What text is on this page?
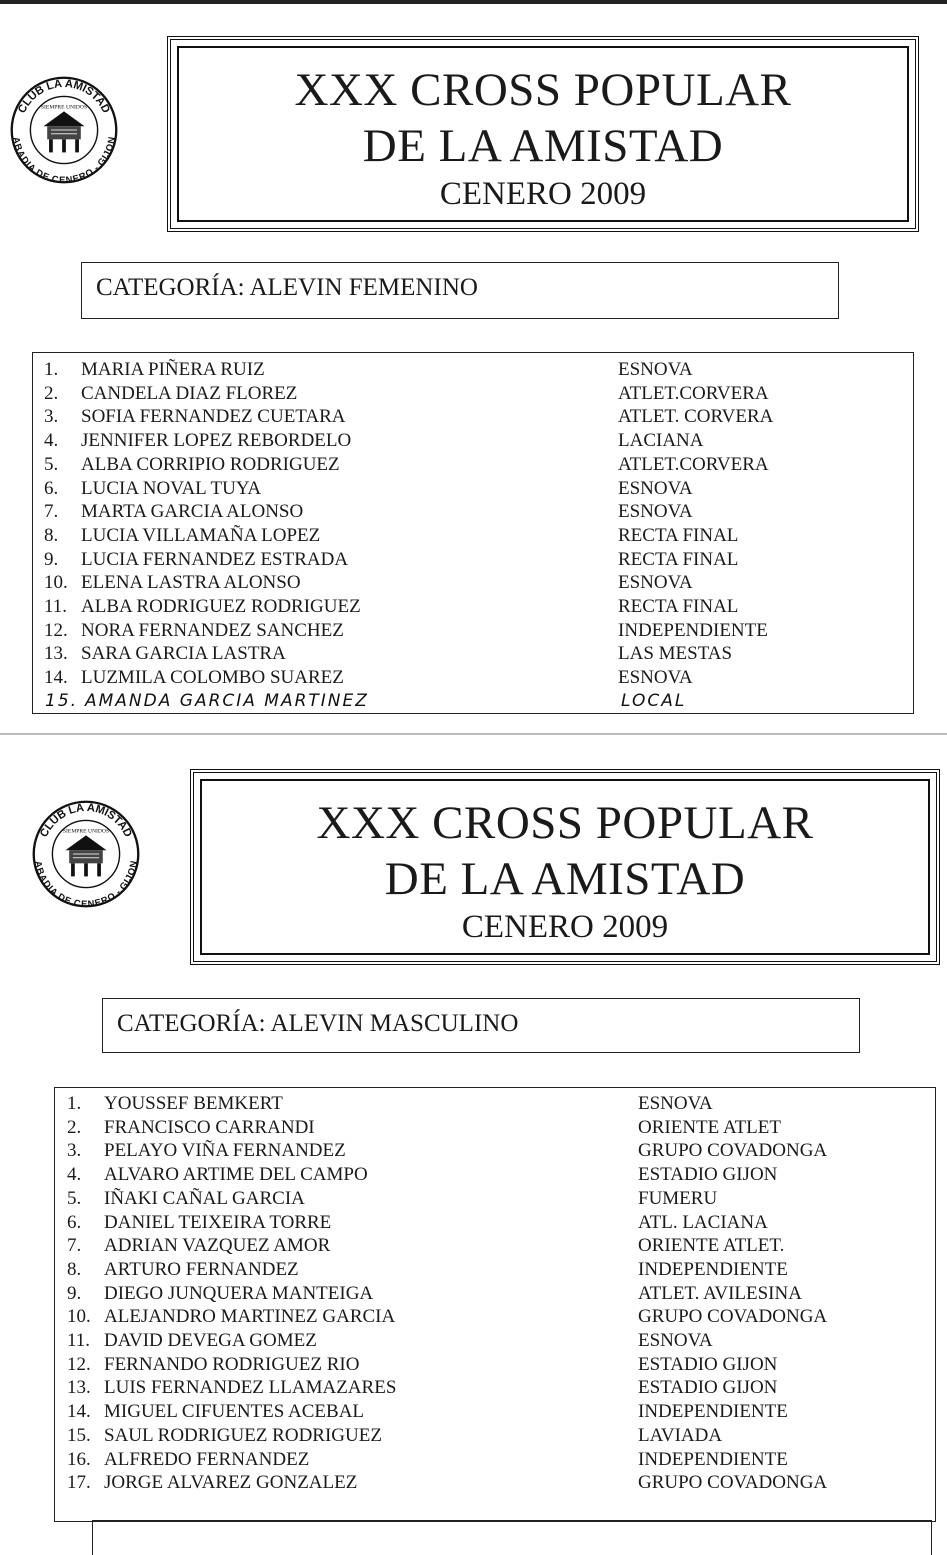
CLUB LA AMISTAD
ABADIA DE CENERO - GIJON
SIEMPRE UNIDOS	XXX CROSS POPULAR
DE LA AMISTAD
CENERO 2009
CATEGORÍA: ALEVIN FEMENINO
1.	MARIA PIÑERA RUIZ	ESNOVA
2.	CANDELA DIAZ FLOREZ	ATLET.CORVERA
3.	SOFIA FERNANDEZ CUETARA	ATLET. CORVERA
4.	JENNIFER LOPEZ REBORDELO	LACIANA
5.	ALBA CORRIPIO RODRIGUEZ	ATLET.CORVERA
6.	LUCIA NOVAL TUYA	ESNOVA
7.	MARTA GARCIA ALONSO	ESNOVA
8.	LUCIA VILLAMAÑA LOPEZ	RECTA FINAL
9.	LUCIA FERNANDEZ ESTRADA	RECTA FINAL
10. ELENA LASTRA ALONSO	ESNOVA
11. ALBA RODRIGUEZ RODRIGUEZ	RECTA FINAL
12. NORA FERNANDEZ SANCHEZ	INDEPENDIENTE
13. SARA GARCIA LASTRA	LAS MESTAS
14. LUZMILA COLOMBO SUAREZ	ESNOVA
15. AMANDA GARCIA MARTINEZ	LOCAL
CLUB LA AMISTAD
ABADIA DE CENERO - GIJON
SIEMPRE UNIDOS	XXX CROSS POPULAR
DE LA AMISTAD
CENERO 2009
CATEGORÍA: ALEVIN MASCULINO
1.	YOUSSEF BEMKERT	ESNOVA
2.	FRANCISCO CARRANDI	ORIENTE ATLET
3.	PELAYO VIÑA FERNANDEZ	GRUPO COVADONGA
4.	ALVARO ARTIME DEL CAMPO	ESTADIO GIJON
5.	IÑAKI CAÑAL GARCIA	FUMERU
6.	DANIEL TEIXEIRA TORRE	ATL. LACIANA
7.	ADRIAN VAZQUEZ AMOR	ORIENTE ATLET.
8.	ARTURO FERNANDEZ	INDEPENDIENTE
9.	DIEGO JUNQUERA MANTEIGA	ATLET. AVILESINA
10. ALEJANDRO MARTINEZ GARCIA	GRUPO COVADONGA
11. DAVID DEVEGA GOMEZ	ESNOVA
12. FERNANDO RODRIGUEZ RIO	ESTADIO GIJON
13. LUIS FERNANDEZ LLAMAZARES	ESTADIO GIJON
14. MIGUEL CIFUENTES ACEBAL	INDEPENDIENTE
15. SAUL RODRIGUEZ RODRIGUEZ	LAVIADA
16. ALFREDO FERNANDEZ	INDEPENDIENTE
17. JORGE ALVAREZ GONZALEZ	GRUPO COVADONGA
